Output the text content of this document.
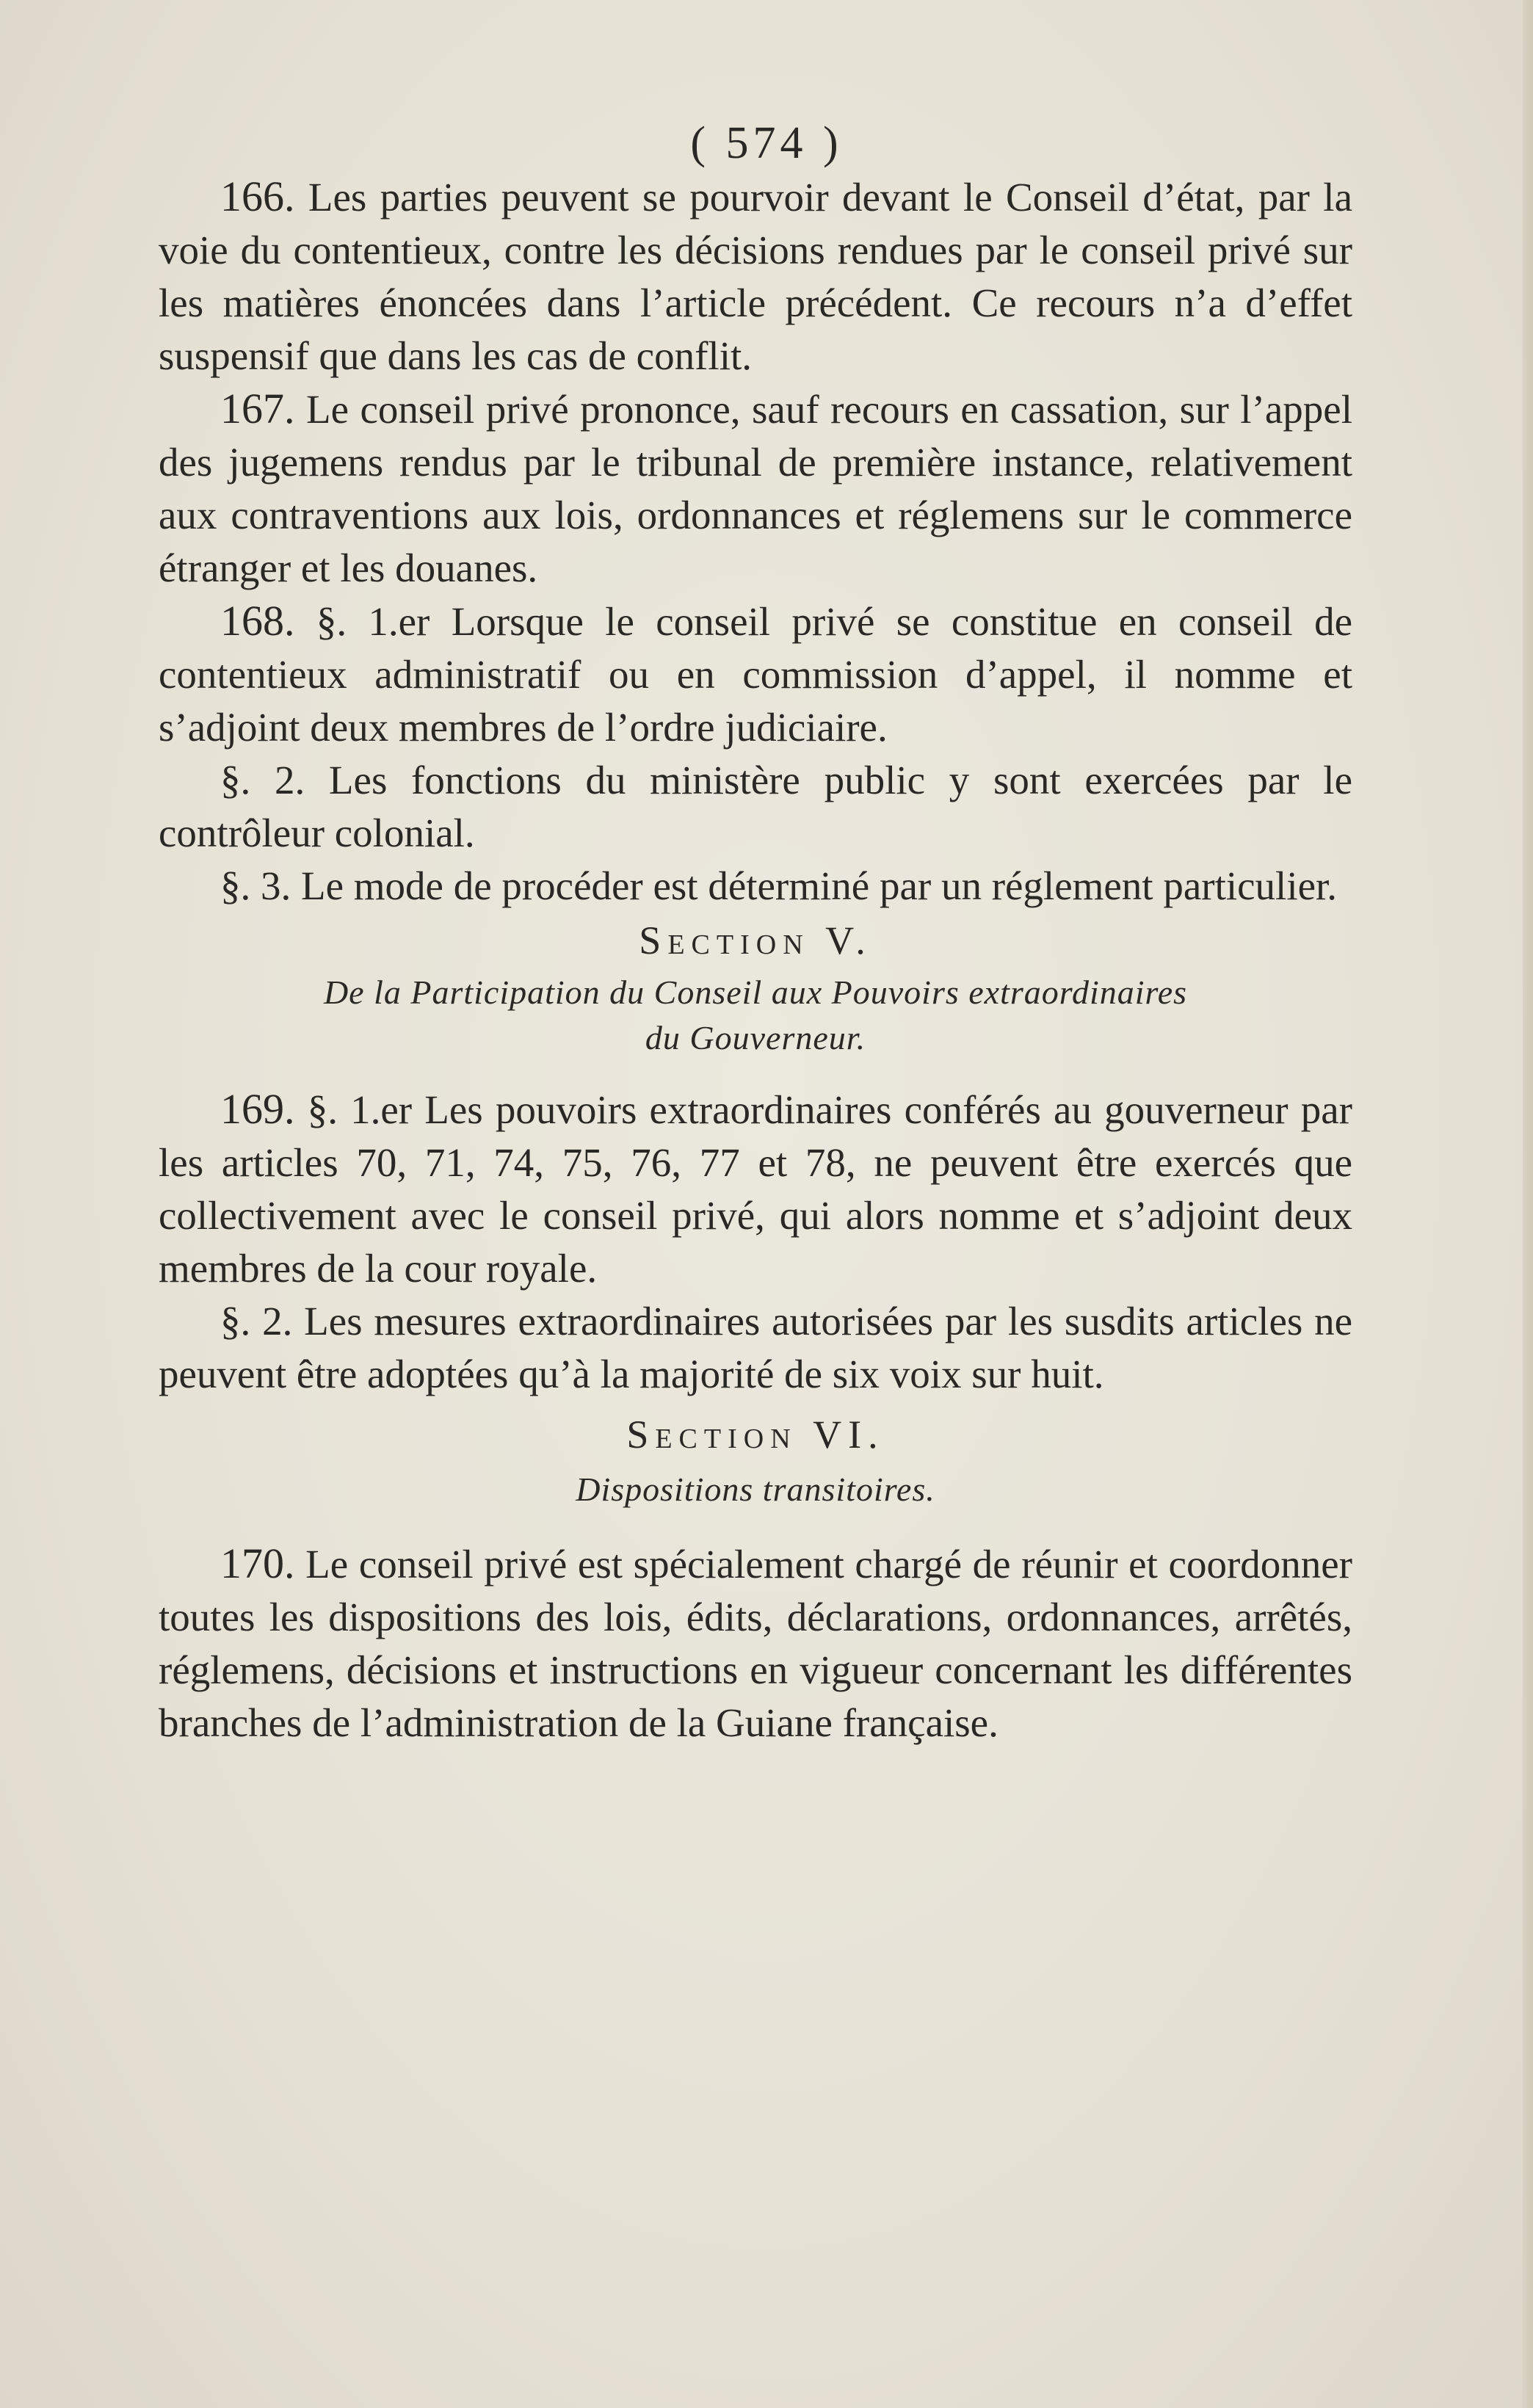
( 574 )

166. Les parties peuvent se pourvoir devant le Conseil d’état, par la voie du contentieux, contre les décisions rendues par le conseil privé sur les matières énoncées dans l’article précédent. Ce recours n’a d’effet suspensif que dans les cas de conflit.

167. Le conseil privé prononce, sauf recours en cassation, sur l’appel des jugemens rendus par le tribunal de première instance, relativement aux contraventions aux lois, ordonnances et réglemens sur le commerce étranger et les douanes.

168. §. 1.er Lorsque le conseil privé se constitue en conseil de contentieux administratif ou en commission d’appel, il nomme et s’adjoint deux membres de l’ordre judiciaire.

§. 2. Les fonctions du ministère public y sont exercées par le contrôleur colonial.

§. 3. Le mode de procéder est déterminé par un réglement particulier.

Section V.

De la Participation du Conseil aux Pouvoirs extraordinaires
du Gouverneur.

169. §. 1.er Les pouvoirs extraordinaires conférés au gouverneur par les articles 70, 71, 74, 75, 76, 77 et 78, ne peuvent être exercés que collectivement avec le conseil privé, qui alors nomme et s’adjoint deux membres de la cour royale.

§. 2. Les mesures extraordinaires autorisées par les susdits articles ne peuvent être adoptées qu’à la majorité de six voix sur huit.

Section VI.

Dispositions transitoires.

170. Le conseil privé est spécialement chargé de réunir et coordonner toutes les dispositions des lois, édits, déclarations, ordonnances, arrêtés, réglemens, décisions et instructions en vigueur concernant les différentes branches de l’administration de la Guiane française.
